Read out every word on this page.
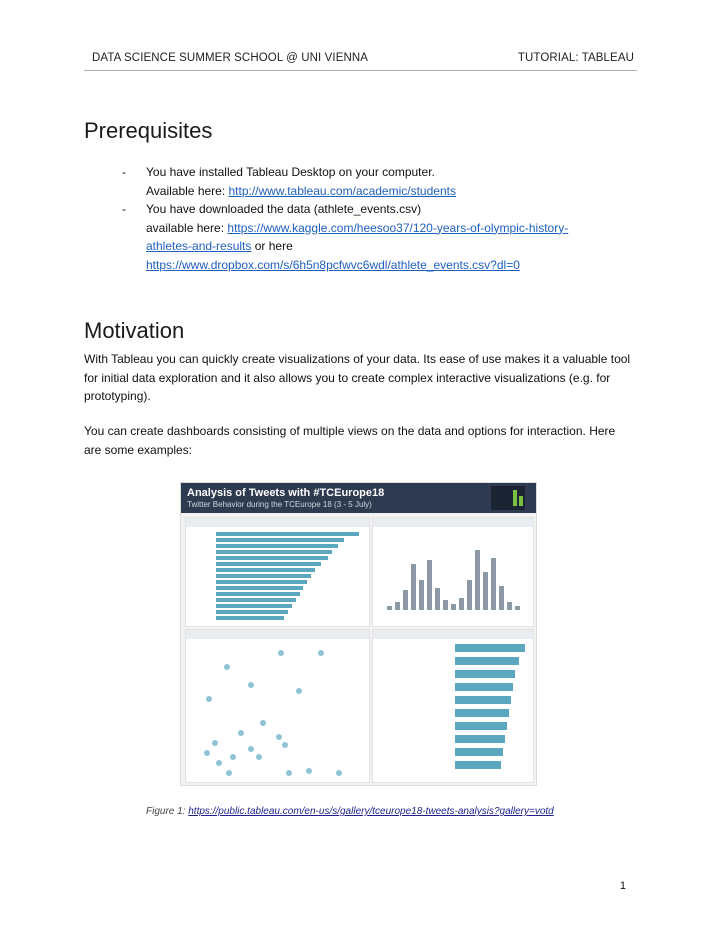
DATA SCIENCE SUMMER SCHOOL @ UNI VIENNA	TUTORIAL: TABLEAU
Prerequisites
- You have installed Tableau Desktop on your computer.
Available here: http://www.tableau.com/academic/students
- You have downloaded the data (athlete_events.csv)
available here: https://www.kaggle.com/heesoo37/120-years-of-olympic-history-
athletes-and-results or here
https://www.dropbox.com/s/6h5n8pcfwvc6wdl/athlete_events.csv?dl=0
Motivation
With Tableau you can quickly create visualizations of your data. Its ease of use makes it a valuable tool for initial data exploration and it also allows you to create complex interactive visualizations (e.g. for prototyping).
You can create dashboards consisting of multiple views on the data and options for interaction. Here are some examples:
Analysis of Tweets with #TCEurope18
Twitter Behavior during the TCEurope 18 (3 - 5 July)
Figure 1: https://public.tableau.com/en-us/s/gallery/tceurope18-tweets-analysis?gallery=votd
1
